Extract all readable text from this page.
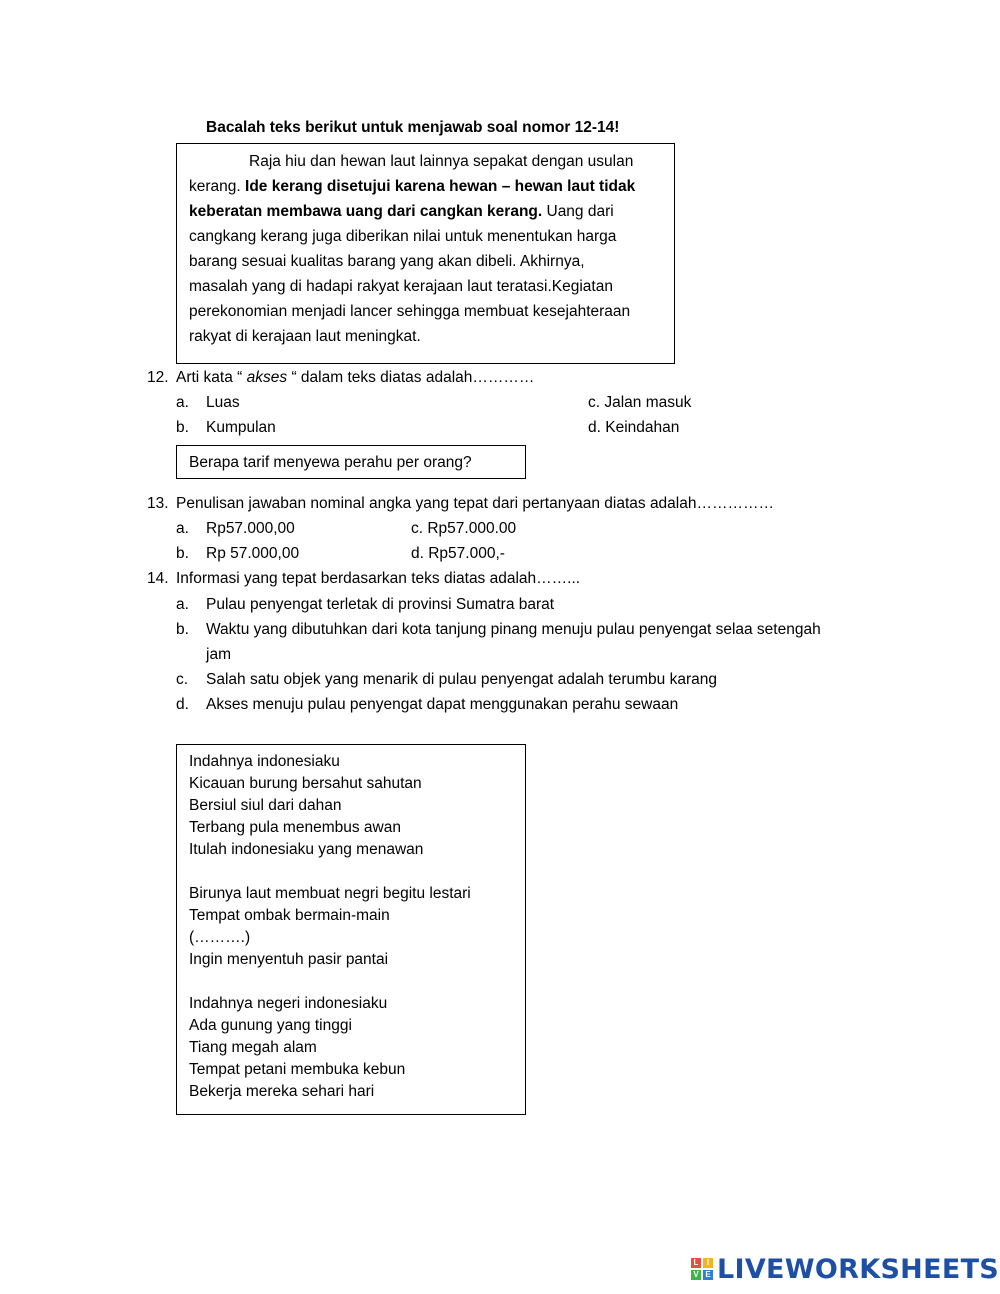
Bacalah teks berikut untuk menjawab soal nomor 12-14!
Raja hiu dan hewan laut lainnya sepakat dengan usulan
kerang. Ide kerang disetujui karena hewan – hewan laut tidak
keberatan membawa uang dari cangkan kerang. Uang dari
cangkang kerang juga diberikan nilai untuk menentukan harga
barang sesuai kualitas barang yang akan dibeli. Akhirnya,
masalah yang di hadapi rakyat kerajaan laut teratasi.Kegiatan
perekonomian menjadi lancer sehingga membuat kesejahteraan
rakyat di kerajaan laut meningkat.
12. Arti kata “ akses “ dalam teks diatas adalah…………
a. Luas	c. Jalan masuk
b. Kumpulan	d. Keindahan
Berapa tarif menyewa perahu per orang?
13. Penulisan jawaban nominal angka yang tepat dari pertanyaan diatas adalah……………
a. Rp57.000,00	c. Rp57.000.00
b. Rp 57.000,00	d. Rp57.000,-
14. Informasi yang tepat berdasarkan teks diatas adalah……...
a. Pulau penyengat terletak di provinsi Sumatra barat
b. Waktu yang dibutuhkan dari kota tanjung pinang menuju pulau penyengat selaa setengah
jam
c. Salah satu objek yang menarik di pulau penyengat adalah terumbu karang
d. Akses menuju pulau penyengat dapat menggunakan perahu sewaan
Indahnya indonesiaku
Kicauan burung bersahut sahutan
Bersiul siul dari dahan
Terbang pula menembus awan
Itulah indonesiaku yang menawan
Birunya laut membuat negri begitu lestari
Tempat ombak bermain-main
(……….)
Ingin menyentuh pasir pantai
Indahnya negeri indonesiaku
Ada gunung yang tinggi
Tiang megah alam
Tempat petani membuka kebun
Bekerja mereka sehari hari
L	I
V E LIVEWORKSHEETS
